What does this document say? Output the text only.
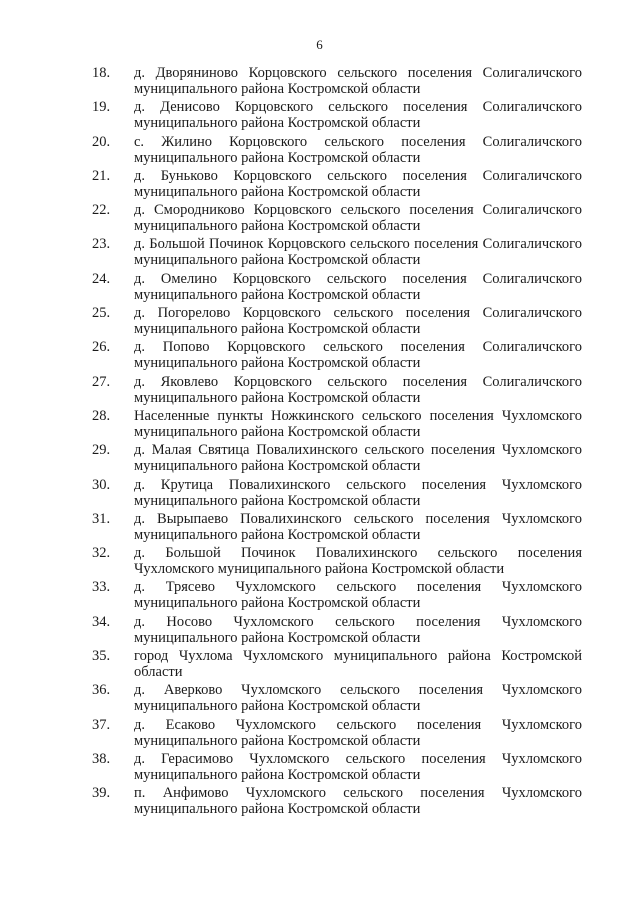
6
18.	д. Дворяниново Корцовского сельского поселения Солигаличского муниципального района Костромской области
19.	д. Денисово Корцовского сельского поселения Солигаличского муниципального района Костромской области
20.	с. Жилино Корцовского сельского поселения Солигаличского муниципального района Костромской области
21.	д. Буньково Корцовского сельского поселения Солигаличского муниципального района Костромской области
22.	д. Смородниково Корцовского сельского поселения Солигаличского муниципального района Костромской области
23.	д. Большой Починок Корцовского сельского поселения Солигаличского муниципального района Костромской области
24.	д. Омелино Корцовского сельского поселения Солигаличского муниципального района Костромской области
25.	д. Погорелово Корцовского сельского поселения Солигаличского муниципального района Костромской области
26.	д. Попово Корцовского сельского поселения Солигаличского муниципального района Костромской области
27.	д. Яковлево Корцовского сельского поселения Солигаличского муниципального района Костромской области
28.	Населенные пункты Ножкинского сельского поселения Чухломского муниципального района Костромской области
29.	д. Малая Святица Повалихинского сельского поселения Чухломского муниципального района Костромской области
30.	д. Крутица Повалихинского сельского поселения Чухломского муниципального района Костромской области
31.	д. Вырыпаево Повалихинского сельского поселения Чухломского муниципального района Костромской области
32.	д. Большой Починок Повалихинского сельского поселения Чухломского муниципального района Костромской области
33.	д. Трясево Чухломского сельского поселения Чухломского муниципального района Костромской области
34.	д. Носово Чухломского сельского поселения Чухломского муниципального района Костромской области
35.	город Чухлома Чухломского муниципального района Костромской области
36.	д. Аверково Чухломского сельского поселения Чухломского муниципального района Костромской области
37.	д. Есаково Чухломского сельского поселения Чухломского муниципального района Костромской области
38.	д. Герасимово Чухломского сельского поселения Чухломского муниципального района Костромской области
39.	п. Анфимово Чухломского сельского поселения Чухломского муниципального района Костромской области
